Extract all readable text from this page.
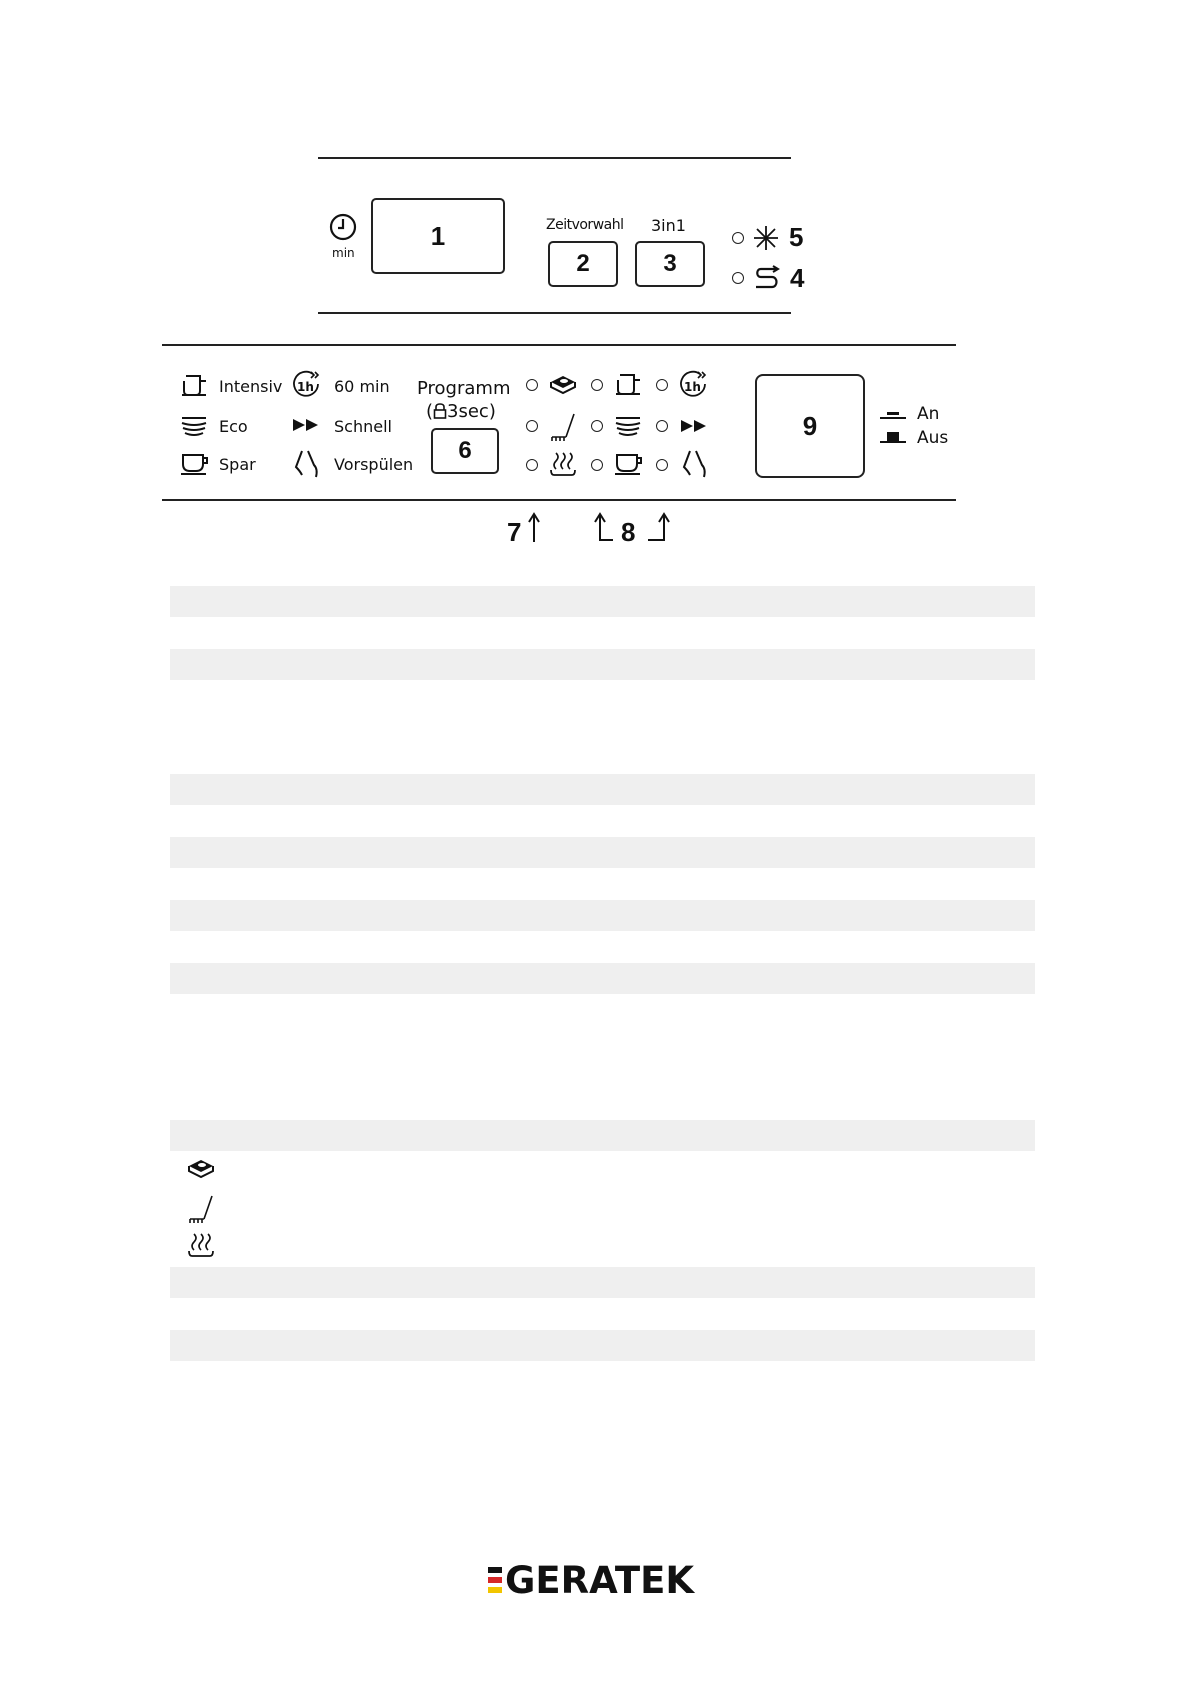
min
1	Zeitvorwahl 3in1
2	3
5
4
Intensiv
Eco
Spar
1h 60 min
Schnell
Vorspülen
Programm
( 3sec)
6
1h
9	An
Aus
7	8
GERATEK
